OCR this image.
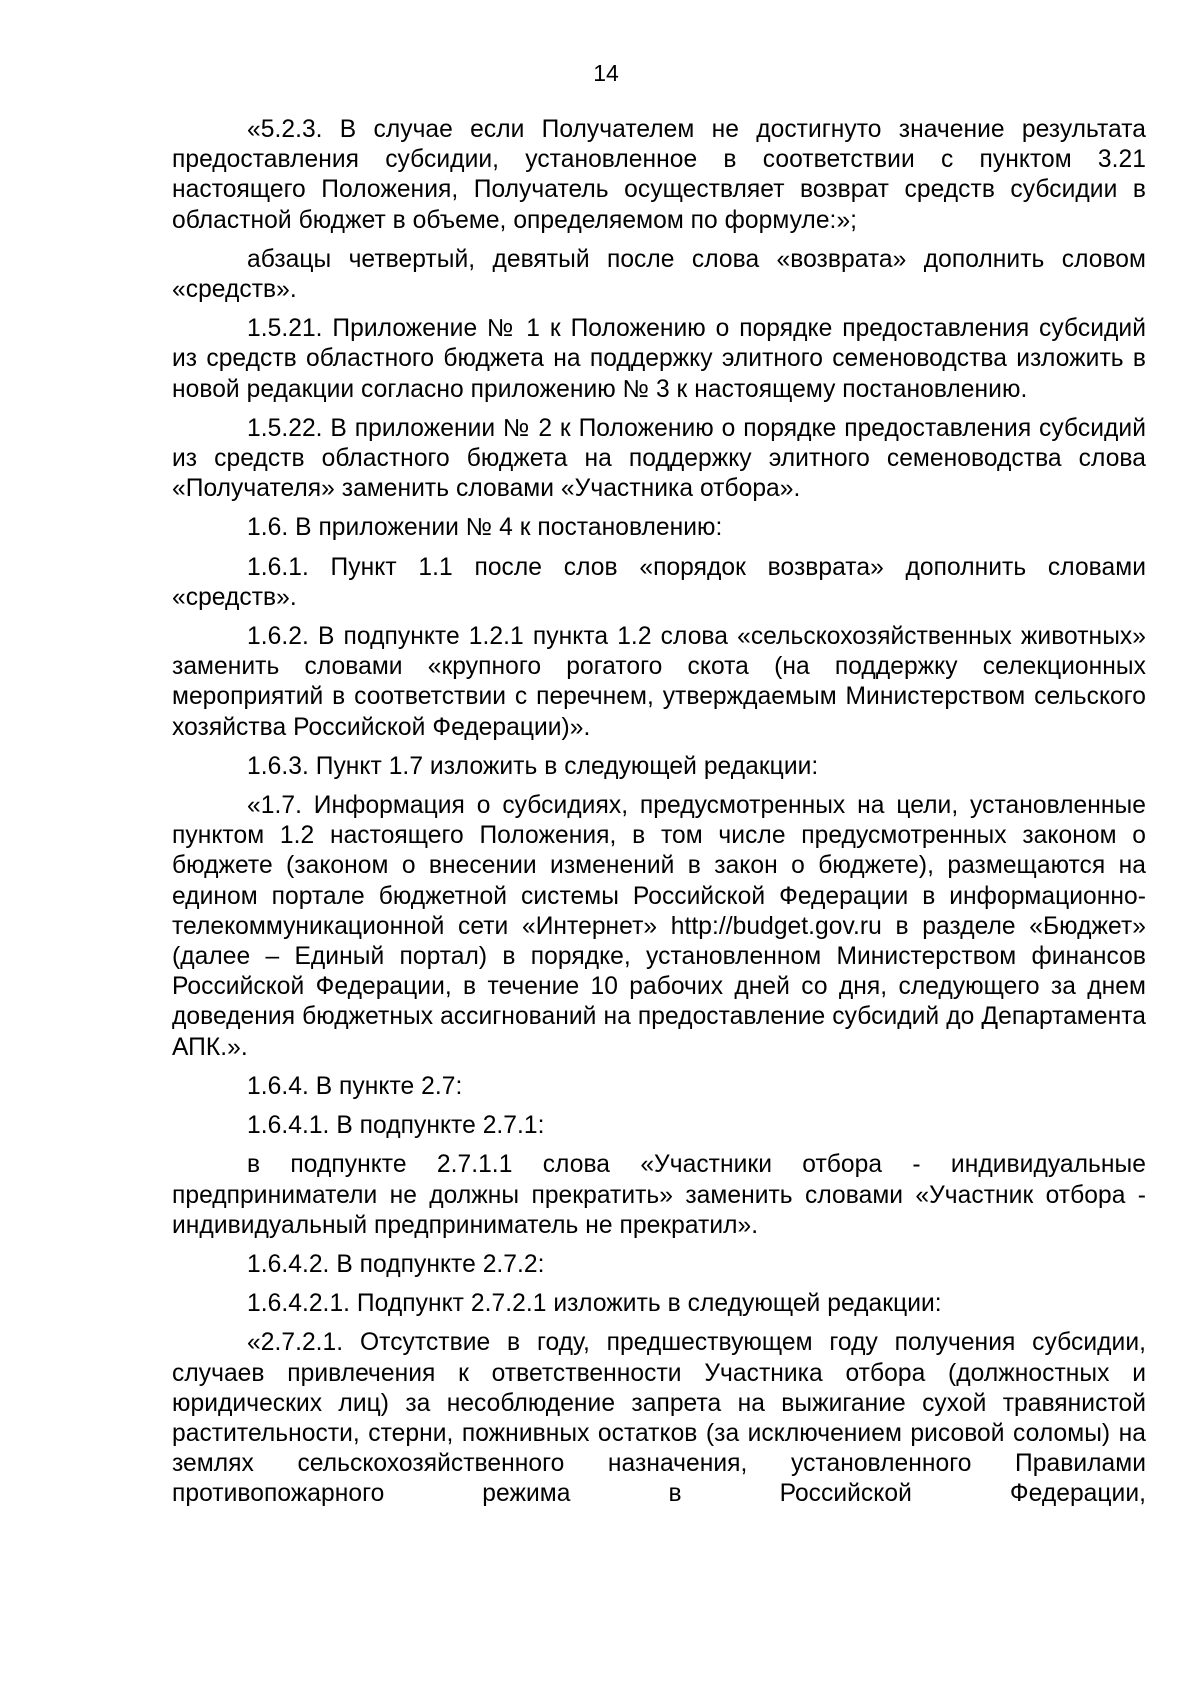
14

«5.2.3. В случае если Получателем не достигнуто значение результата предоставления субсидии, установленное в соответствии с пунктом 3.21 настоящего Положения, Получатель осуществляет возврат средств субсидии в областной бюджет в объеме, определяемом по формуле:»;

абзацы четвертый, девятый после слова «возврата» дополнить словом «средств».

1.5.21. Приложение № 1 к Положению о порядке предоставления субсидий из средств областного бюджета на поддержку элитного семеноводства изложить в новой редакции согласно приложению № 3 к настоящему постановлению.

1.5.22. В приложении № 2 к Положению о порядке предоставления субсидий из средств областного бюджета на поддержку элитного семеноводства слова «Получателя» заменить словами «Участника отбора».

1.6. В приложении № 4 к постановлению:

1.6.1. Пункт 1.1 после слов «порядок возврата» дополнить словами «средств».

1.6.2. В подпункте 1.2.1 пункта 1.2 слова «сельскохозяйственных животных» заменить словами «крупного рогатого скота (на поддержку селекционных мероприятий в соответствии с перечнем, утверждаемым Министерством сельского хозяйства Российской Федерации)».

1.6.3. Пункт 1.7 изложить в следующей редакции:

«1.7. Информация о субсидиях, предусмотренных на цели, установленные пунктом 1.2 настоящего Положения, в том числе предусмотренных законом о бюджете (законом о внесении изменений в закон о бюджете), размещаются на едином портале бюджетной системы Российской Федерации в информационно-телекоммуникационной сети «Интернет» http://budget.gov.ru в разделе «Бюджет» (далее – Единый портал) в порядке, установленном Министерством финансов Российской Федерации, в течение 10 рабочих дней со дня, следующего за днем доведения бюджетных ассигнований на предоставление субсидий до Департамента АПК.».

1.6.4. В пункте 2.7:

1.6.4.1. В подпункте 2.7.1:

в подпункте 2.7.1.1 слова «Участники отбора - индивидуальные предприниматели не должны прекратить» заменить словами «Участник отбора - индивидуальный предприниматель не прекратил».

1.6.4.2. В подпункте 2.7.2:

1.6.4.2.1. Подпункт 2.7.2.1 изложить в следующей редакции:

«2.7.2.1. Отсутствие в году, предшествующем году получения субсидии, случаев привлечения к ответственности Участника отбора (должностных и юридических лиц) за несоблюдение запрета на выжигание сухой травянистой растительности, стерни, пожнивных остатков (за исключением рисовой соломы) на землях сельскохозяйственного назначения, установленного Правилами противопожарного режима в Российской Федерации,
